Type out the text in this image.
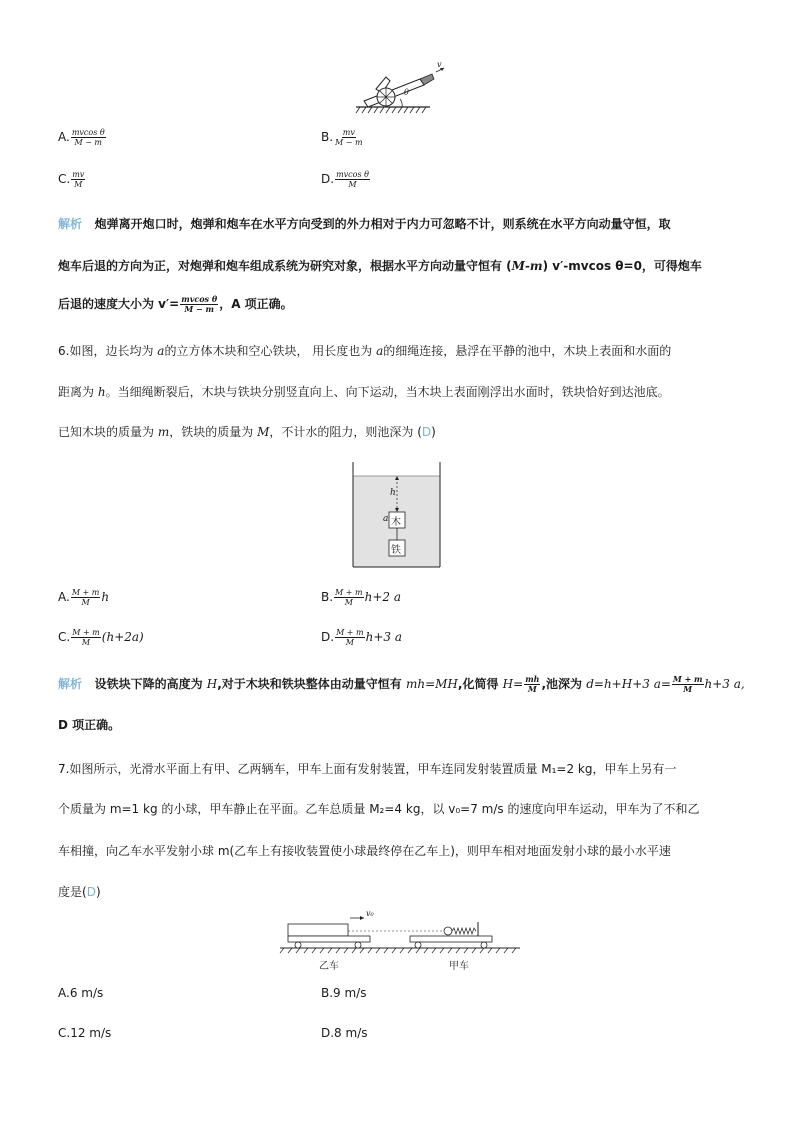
v
θ
A. $\frac{\text{mvcos θ}}{M - m}$	B. $\frac{mv}{M - m}$
C. $\frac{mv}{M}$	D. $\frac{\text{mvcos θ}}{M}$
解析 炮弹离开炮口时，炮弹和炮车在水平方向受到的外力相对于内力可忽略不计，则系统在水平方向动量守恒，取
炮车后退的方向为正，对炮弹和炮车组成系统为研究对象，根据水平方向动量守恒有 (M-m) v′-mvcos θ=0，可得炮车
后退的速度大小为 $v'= \frac{\text{mvcos θ}}{M - m}$ ，A 项正确。
6.如图，边长均为 a的立方体木块和空心铁块， 用长度也为 a的细绳连接，悬浮在平静的池中，木块上表面和水面的
距离为 h。当细绳断裂后，木块与铁块分别竖直向上、向下运动，当木块上表面刚浮出水面时，铁块恰好到达池底。
已知木块的质量为 m，铁块的质量为 M，不计水的阻力，则池深为 (D)
h
a 木
铁
A. $\frac{M + m}{M}$ h	B. $\frac{M + m}{M} h+2$ a
C. $\frac{M + m}{M} (h+2a)$	D. $\frac{M + m}{M} h+3$ a
解析 设铁块下降的高度为 H,对于木块和铁块整体由动量守恒有 mh=MH,化简得 $H= \frac{mh}{M}$ ,池深为 d=h+H+3 $a= \frac{M + m}{M} h+3$ a,
D 项正确。
7.如图所示，光滑水平面上有甲、乙两辆车，甲车上面有发射装置，甲车连同发射装置质量 M₁=2 kg，甲车上另有一
个质量为 m=1 kg 的小球，甲车静止在平面。乙车总质量 M₂=4 kg，以 v₀=7 m/s 的速度向甲车运动，甲车为了不和乙
车相撞，向乙车水平发射小球 m(乙车上有接收装置使小球最终停在乙车上)，则甲车相对地面发射小球的最小水平速
度是(D)
v₀
乙车	甲车
A.6 m/s	B.9 m/s
C.12 m/s	D.8 m/s
